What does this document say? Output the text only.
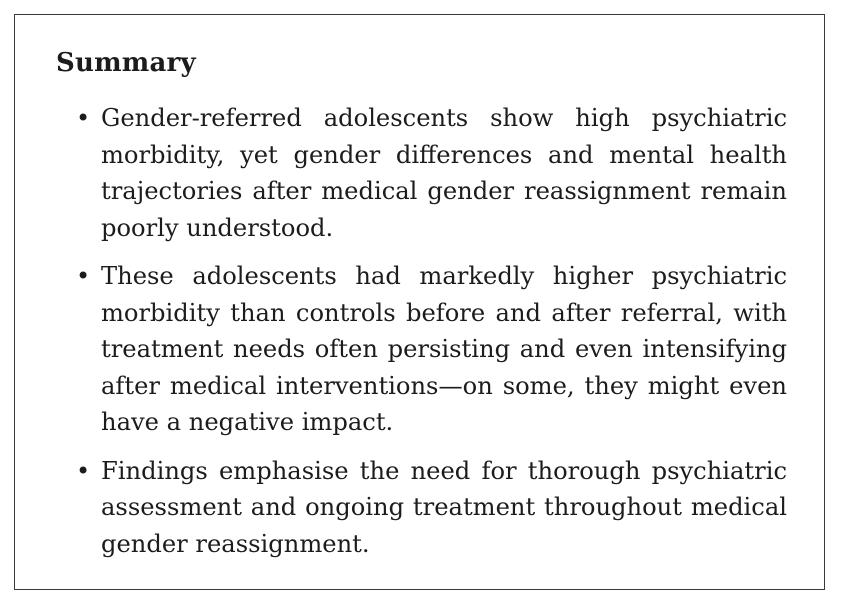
Summary
• Gender-referred adolescents show high psychiatric morbidity, yet gender differences and mental health trajectories after medical gender reassignment remain poorly understood.
• These adolescents had markedly higher psychiatric morbidity than controls before and after referral, with treatment needs often persisting and even intensifying after medical interventions—on some, they might even have a negative impact.
• Findings emphasise the need for thorough psychiatric assessment and ongoing treatment throughout medical gender reassignment.
